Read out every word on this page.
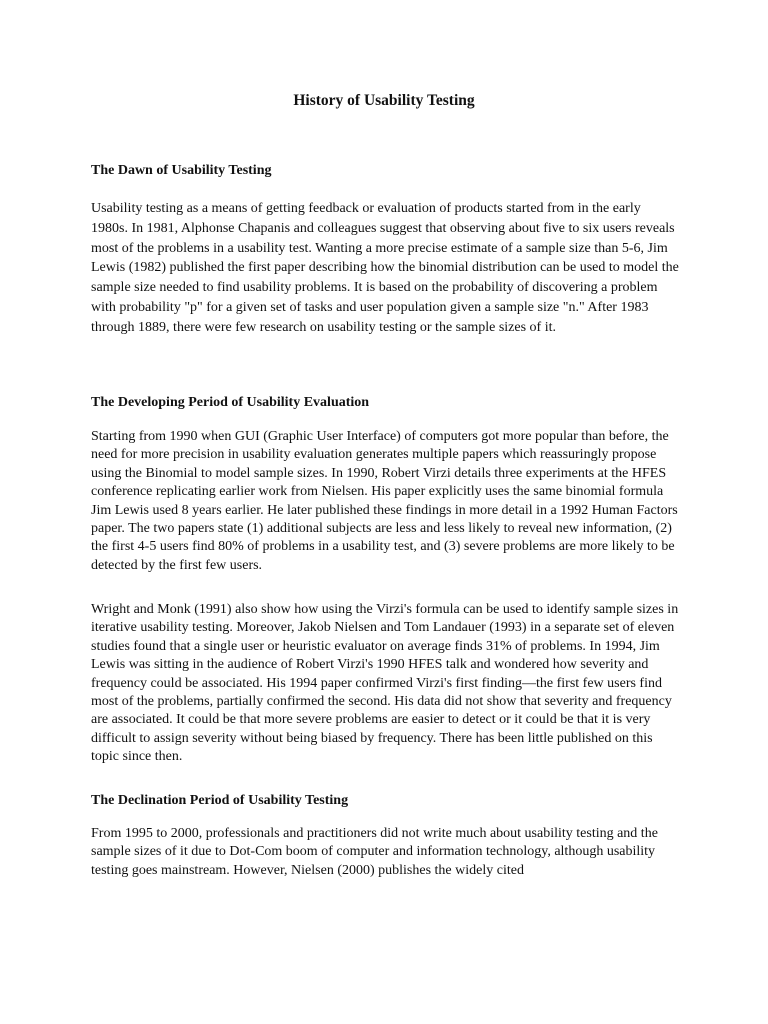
History of Usability Testing
The Dawn of Usability Testing

Usability testing as a means of getting feedback or evaluation of products started from in the early 1980s. In 1981, Alphonse Chapanis and colleagues suggest that observing about five to six users reveals most of the problems in a usability test. Wanting a more precise estimate of a sample size than 5-6, Jim Lewis (1982) published the first paper describing how the binomial distribution can be used to model the sample size needed to find usability problems. It is based on the probability of discovering a problem with probability "p" for a given set of tasks and user population given a sample size "n." After 1983 through 1889, there were few research on usability testing or the sample sizes of it.

The Developing Period of Usability Evaluation

Starting from 1990 when GUI (Graphic User Interface) of computers got more popular than before, the need for more precision in usability evaluation generates multiple papers which reassuringly propose using the Binomial to model sample sizes. In 1990, Robert Virzi details three experiments at the HFES conference replicating earlier work from Nielsen. His paper explicitly uses the same binomial formula Jim Lewis used 8 years earlier. He later published these findings in more detail in a 1992 Human Factors paper. The two papers state (1) additional subjects are less and less likely to reveal new information, (2) the first 4-5 users find 80% of problems in a usability test, and (3) severe problems are more likely to be detected by the first few users.

Wright and Monk (1991) also show how using the Virzi's formula can be used to identify sample sizes in iterative usability testing. Moreover, Jakob Nielsen and Tom Landauer (1993) in a separate set of eleven studies found that a single user or heuristic evaluator on average finds 31% of problems. In 1994, Jim Lewis was sitting in the audience of Robert Virzi's 1990 HFES talk and wondered how severity and frequency could be associated. His 1994 paper confirmed Virzi's first finding—the first few users find most of the problems, partially confirmed the second. His data did not show that severity and frequency are associated. It could be that more severe problems are easier to detect or it could be that it is very difficult to assign severity without being biased by frequency. There has been little published on this topic since then.

The Declination Period of Usability Testing

From 1995 to 2000, professionals and practitioners did not write much about usability testing and the sample sizes of it due to Dot-Com boom of computer and information technology, although usability testing goes mainstream. However, Nielsen (2000) publishes the widely cited
